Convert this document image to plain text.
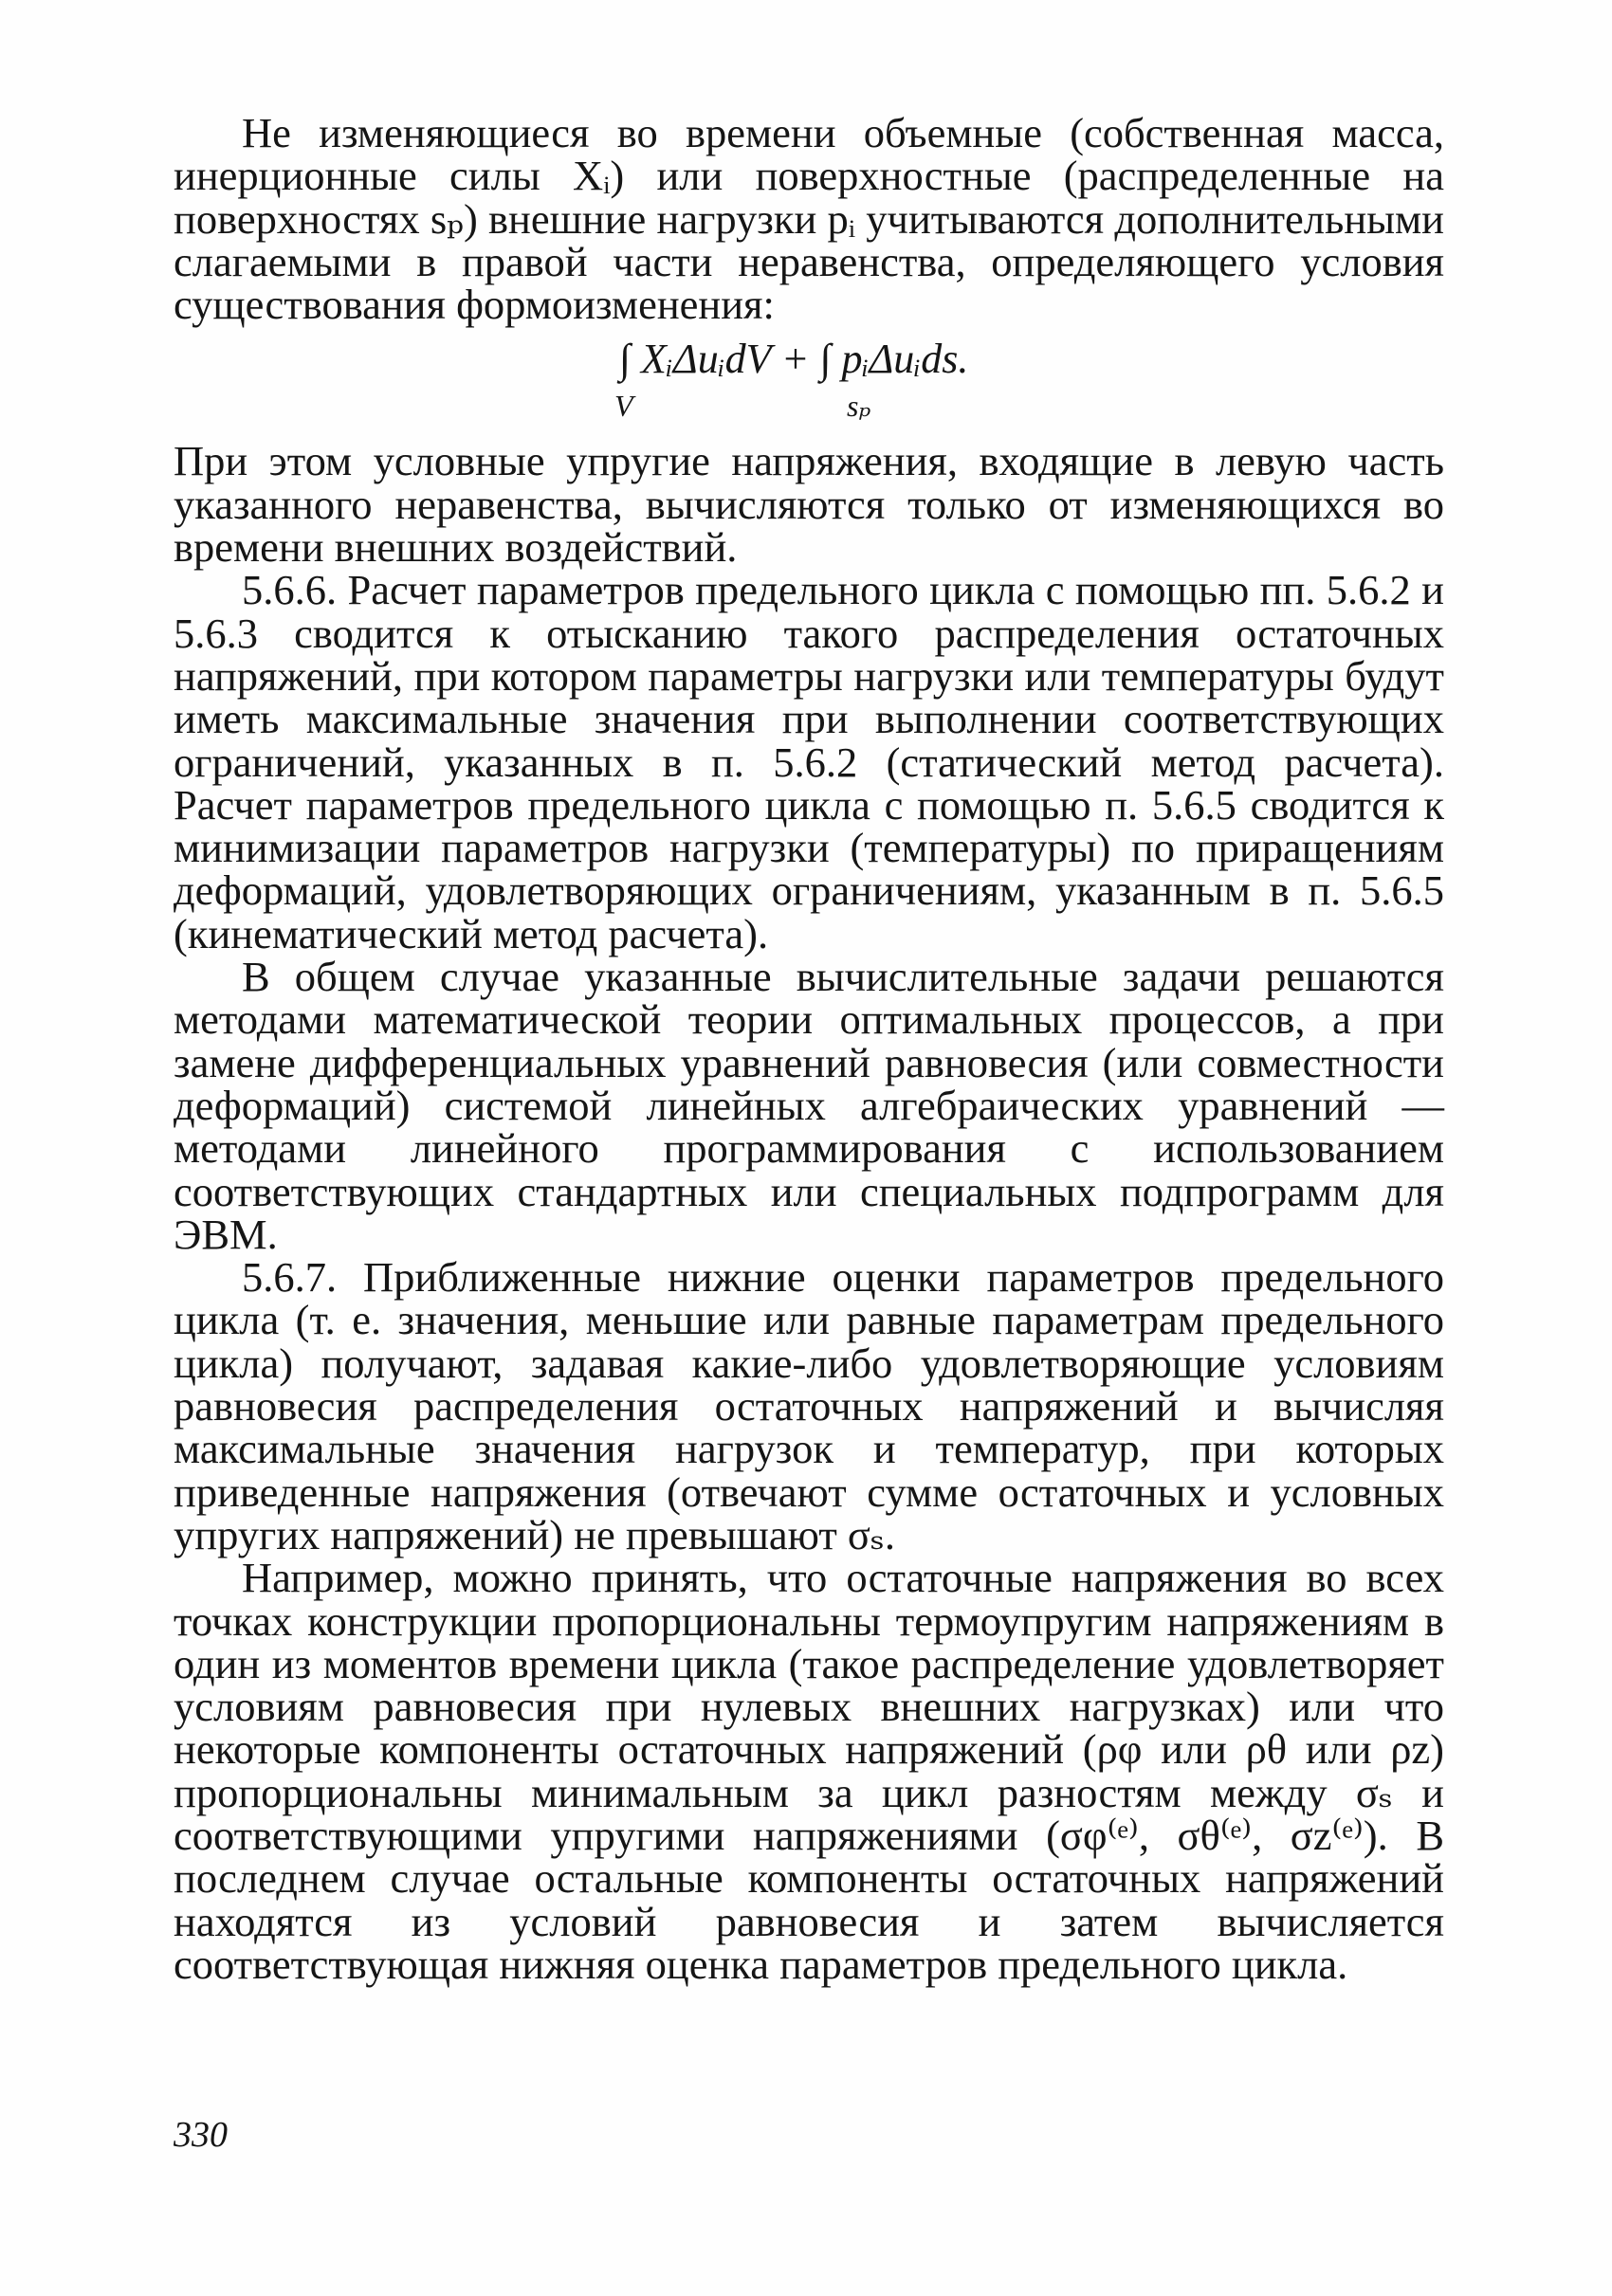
Не изменяющиеся во времени объемные (собственная масса, инерционные силы Xᵢ) или поверхностные (распределенные на поверхностях sₚ) внешние нагрузки pᵢ учитываются дополнительными слагаемыми в правой части неравенства, определяющего условия существования формоизменения:

∫ XᵢΔuᵢdV + ∫ pᵢΔuᵢds.
V	sₚ

При этом условные упругие напряжения, входящие в левую часть указанного неравенства, вычисляются только от изменяющихся во времени внешних воздействий.

5.6.6. Расчет параметров предельного цикла с помощью пп. 5.6.2 и 5.6.3 сводится к отысканию такого распределения остаточных напряжений, при котором параметры нагрузки или температуры будут иметь максимальные значения при выполнении соответствующих ограничений, указанных в п. 5.6.2 (статический метод расчета). Расчет параметров предельного цикла с помощью п. 5.6.5 сводится к минимизации параметров нагрузки (температуры) по приращениям деформаций, удовлетворяющих ограничениям, указанным в п. 5.6.5 (кинематический метод расчета).

В общем случае указанные вычислительные задачи решаются методами математической теории оптимальных процессов, а при замене дифференциальных уравнений равновесия (или совместности деформаций) системой линейных алгебраических уравнений — методами линейного программирования с использованием соответствующих стандартных или специальных подпрограмм для ЭВМ.

5.6.7. Приближенные нижние оценки параметров предельного цикла (т. е. значения, меньшие или равные параметрам предельного цикла) получают, задавая какие-либо удовлетворяющие условиям равновесия распределения остаточных напряжений и вычисляя максимальные значения нагрузок и температур, при которых приведенные напряжения (отвечают сумме остаточных и условных упругих напряжений) не превышают σₛ.

Например, можно принять, что остаточные напряжения во всех точках конструкции пропорциональны термоупругим напряжениям в один из моментов времени цикла (такое распределение удовлетворяет условиям равновесия при нулевых внешних нагрузках) или что некоторые компоненты остаточных напряжений (ρφ или ρθ или ρz) пропорциональны минимальным за цикл разностям между σₛ и соответствующими упругими напряжениями (σφ⁽ᵉ⁾, σθ⁽ᵉ⁾, σz⁽ᵉ⁾). В последнем случае остальные компоненты остаточных напряжений находятся из условий равновесия и затем вычисляется соответствующая нижняя оценка параметров предельного цикла.

330
